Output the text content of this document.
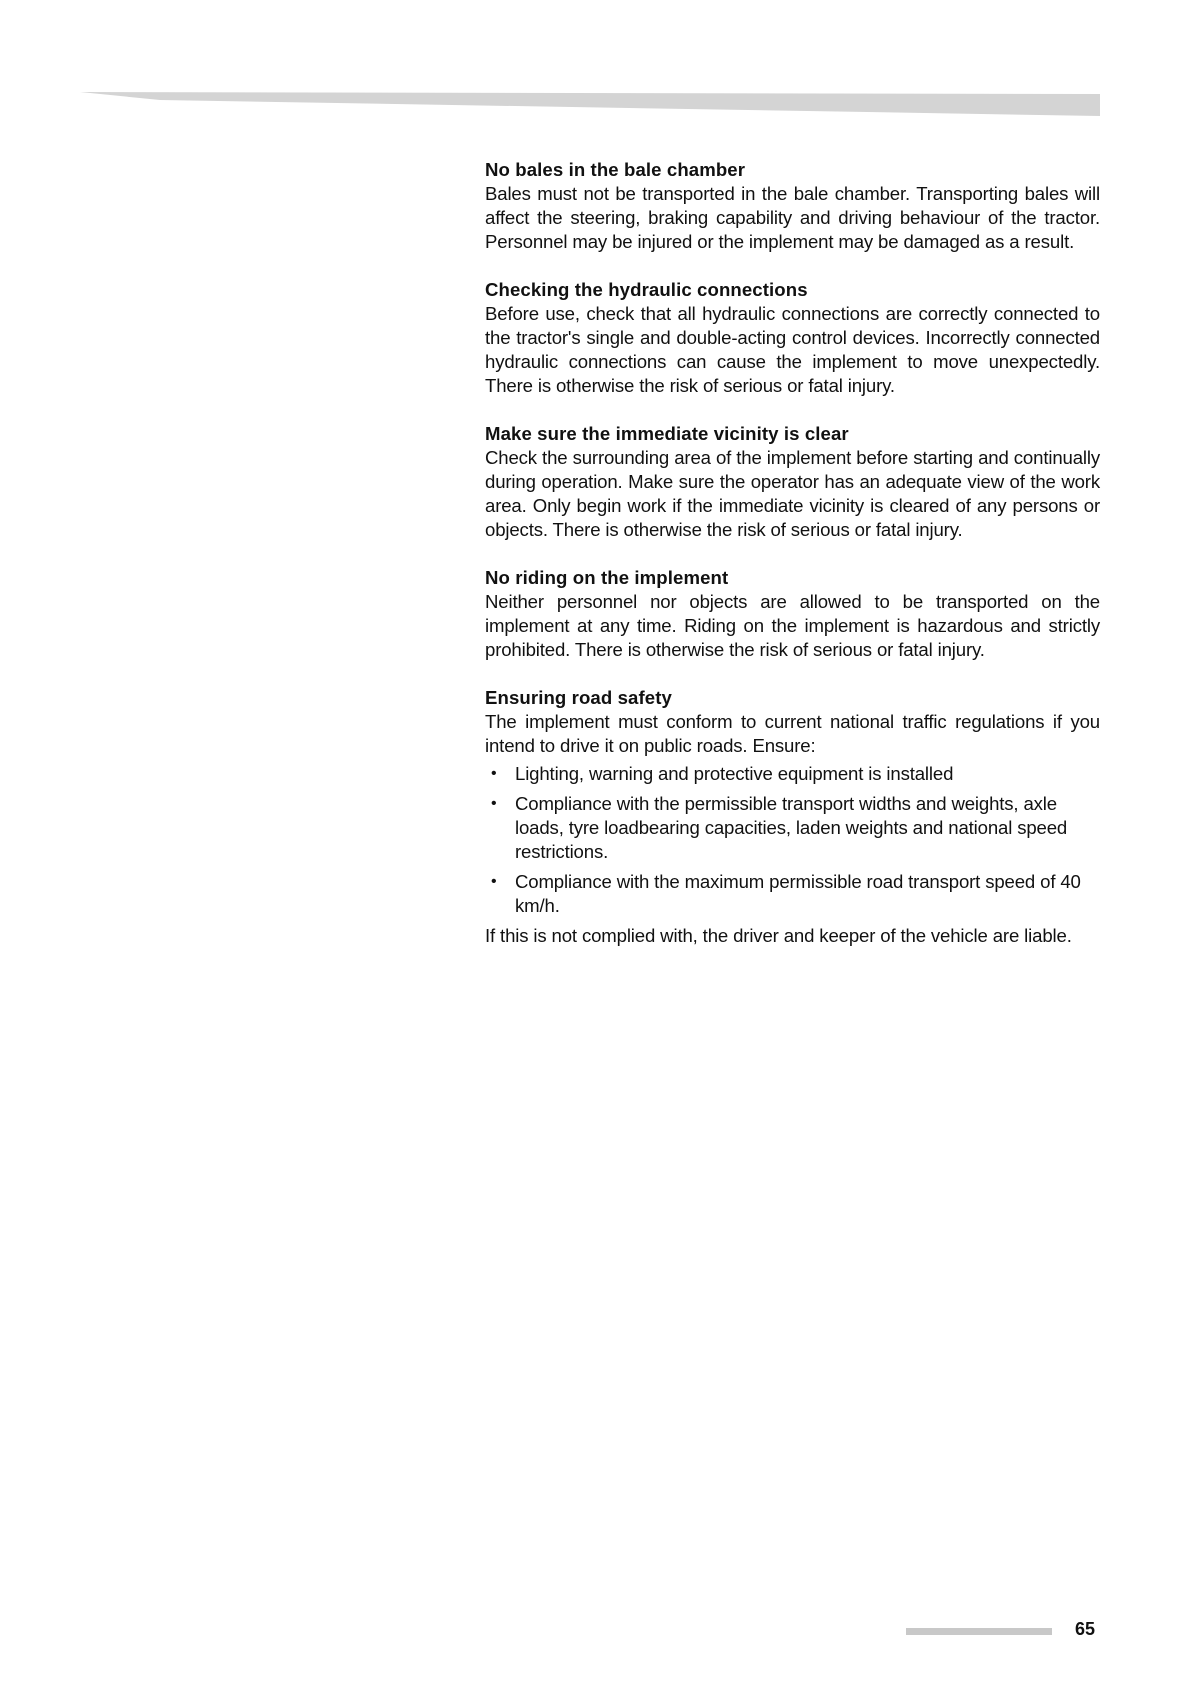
No bales in the bale chamber
Bales must not be transported in the bale chamber. Transporting bales will affect the steering, braking capability and driving behaviour of the tractor. Personnel may be injured or the implement may be damaged as a result.
Checking the hydraulic connections
Before use, check that all hydraulic connections are correctly connected to the tractor's single and double-acting control devices. Incorrectly connected hydraulic connections can cause the implement to move unexpectedly. There is otherwise the risk of serious or fatal injury.
Make sure the immediate vicinity is clear
Check the surrounding area of the implement before starting and continually during operation. Make sure the operator has an adequate view of the work area. Only begin work if the immediate vicinity is cleared of any persons or objects. There is otherwise the risk of serious or fatal injury.
No riding on the implement
Neither personnel nor objects are allowed to be transported on the implement at any time. Riding on the implement is hazardous and strictly prohibited. There is otherwise the risk of serious or fatal injury.
Ensuring road safety
The implement must conform to current national traffic regulations if you intend to drive it on public roads. Ensure:
• Lighting, warning and protective equipment is installed
• Compliance with the permissible transport widths and weights, axle loads, tyre loadbearing capacities, laden weights and national speed restrictions.
• Compliance with the maximum permissible road transport speed of 40 km/h.
If this is not complied with, the driver and keeper of the vehicle are liable.
65
